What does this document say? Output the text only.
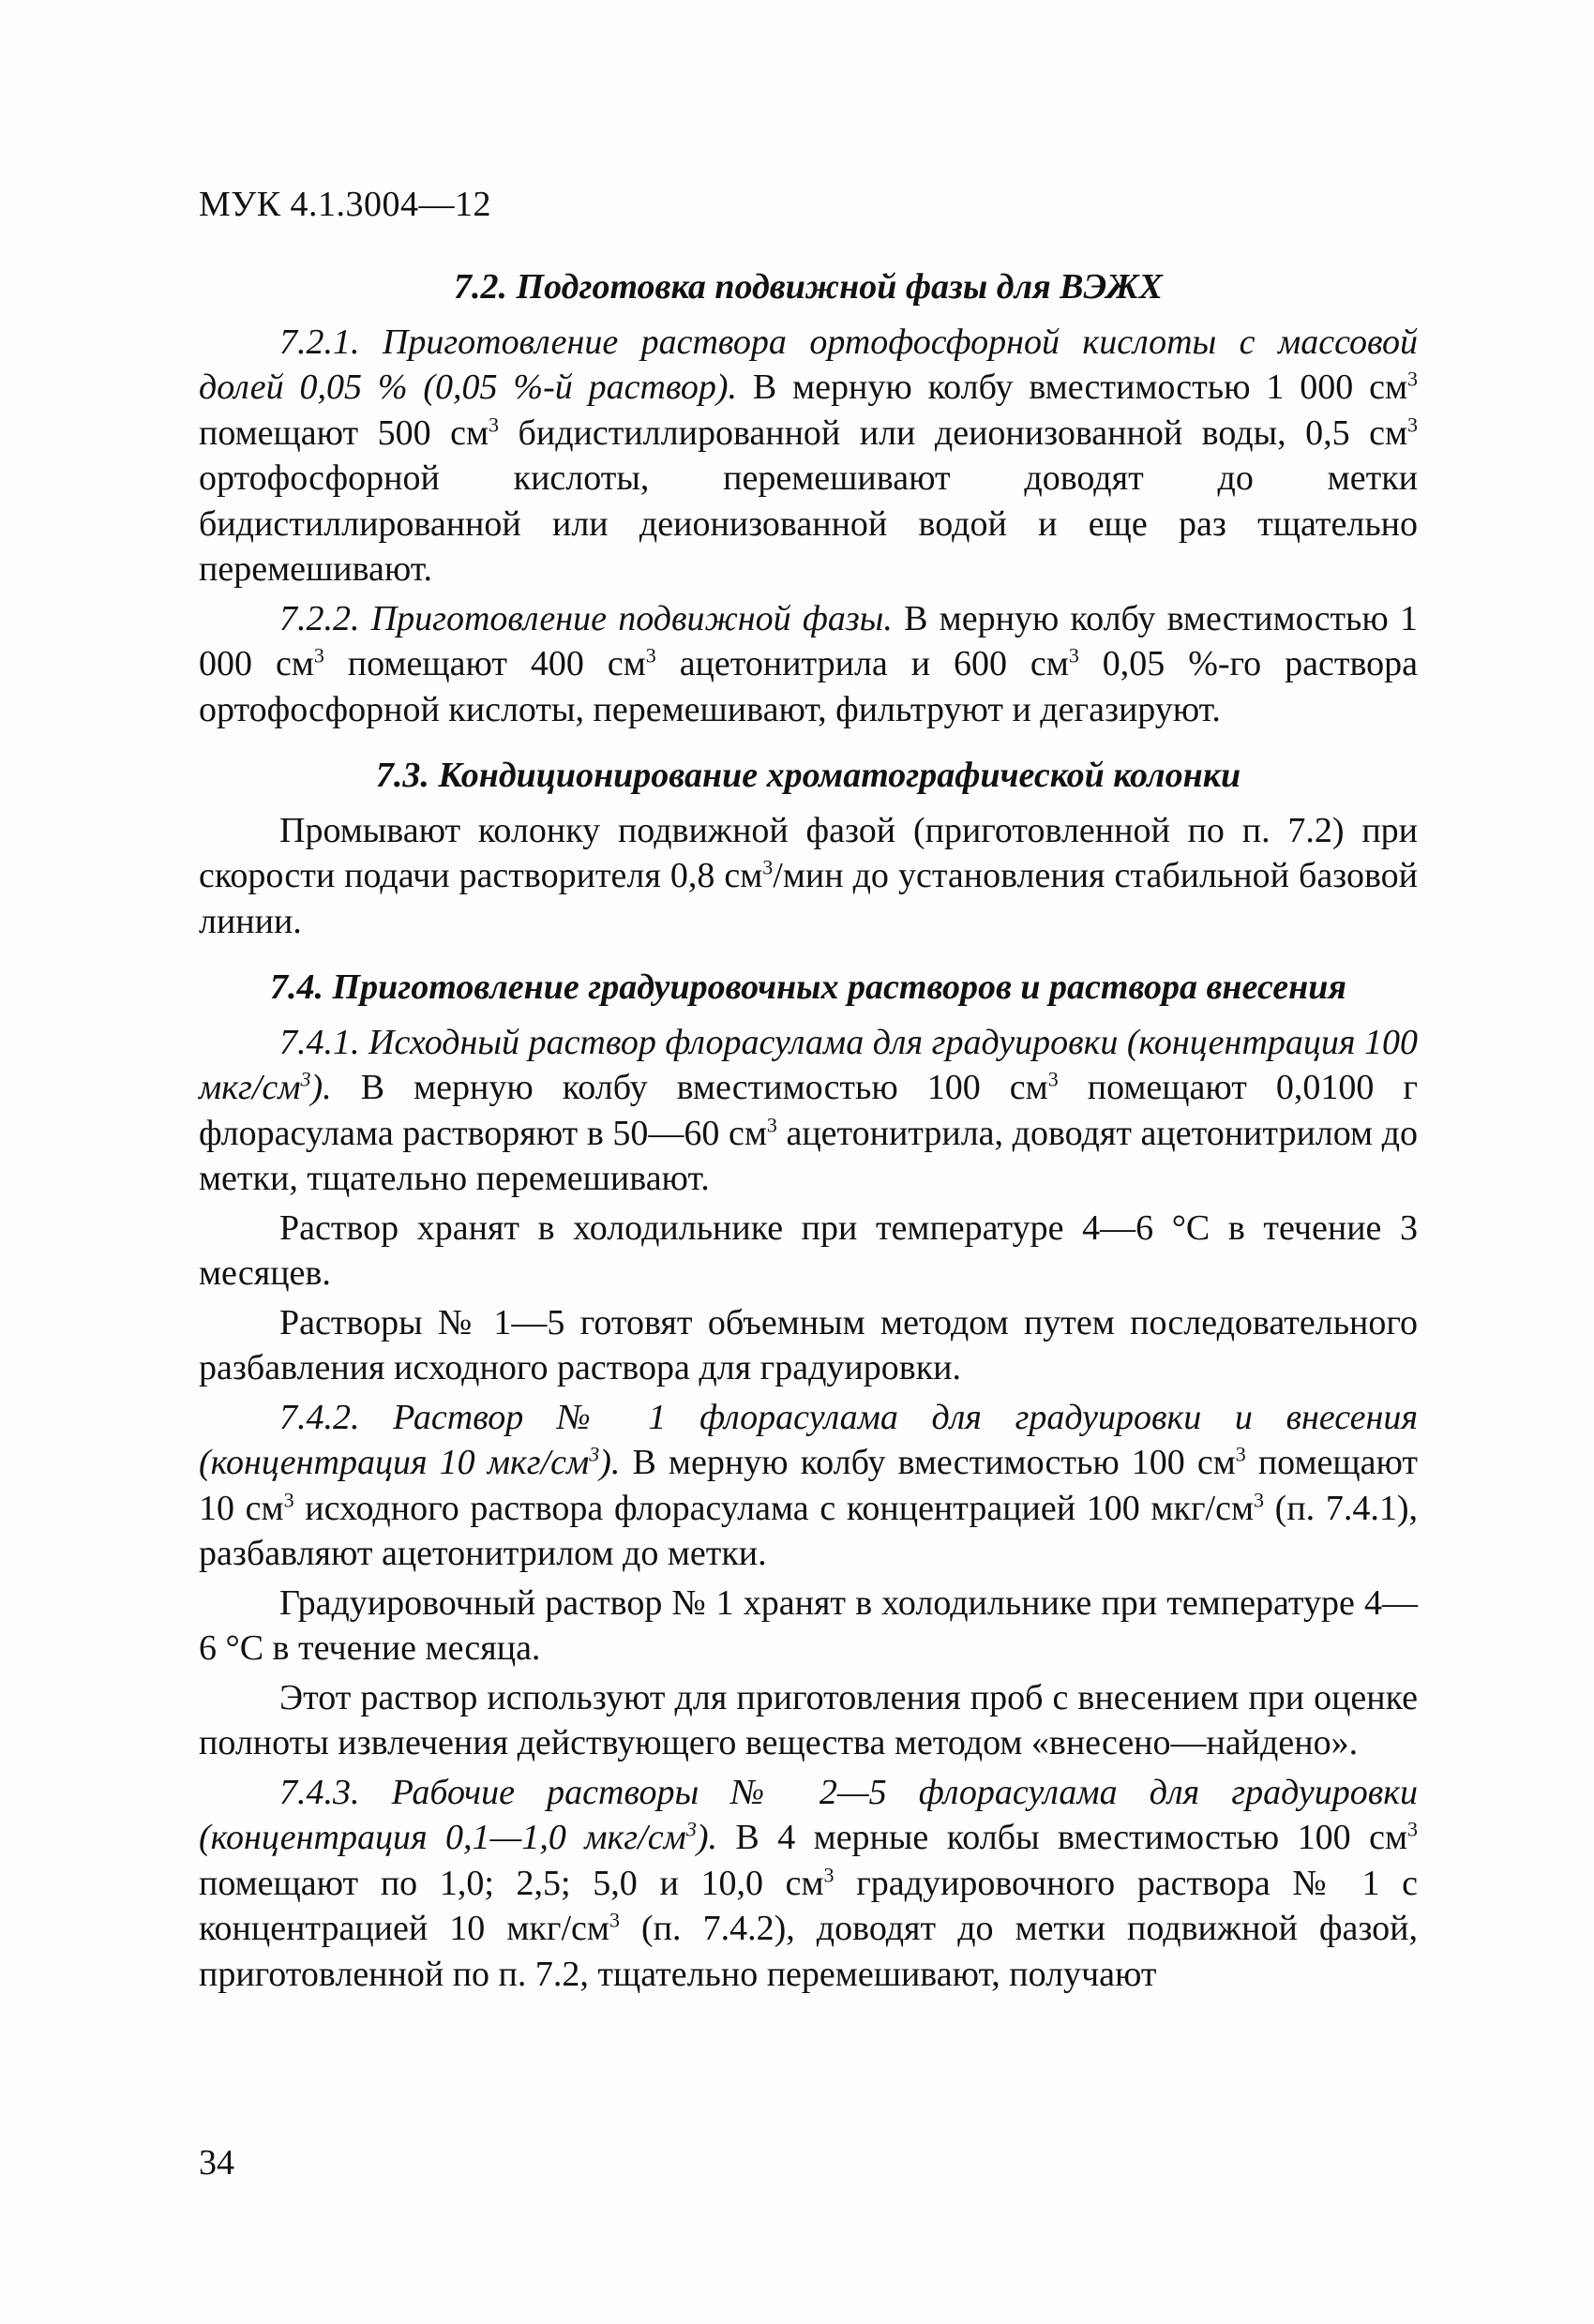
МУК 4.1.3004—12
7.2. Подготовка подвижной фазы для ВЭЖХ

7.2.1. Приготовление раствора ортофосфорной кислоты с массовой долей 0,05 % (0,05 %-й раствор). В мерную колбу вместимостью 1 000 $см^3$ помещают 500 $см^3$ бидистиллированной или деионизованной воды, 0,5 $см^3$ ортофосфорной кислоты, перемешивают доводят до метки бидистиллированной или деионизованной водой и еще раз тщательно перемешивают.

7.2.2. Приготовление подвижной фазы. В мерную колбу вместимостью 1 000 $см^3$ помещают 400 $см^3$ ацетонитрила и 600 $см^3$ 0,05 %-го раствора ортофосфорной кислоты, перемешивают, фильтруют и дегазируют.

7.3. Кондиционирование хроматографической колонки

Промывают колонку подвижной фазой (приготовленной по п. 7.2) при скорости подачи растворителя 0,8 $см^3$/мин до установления стабильной базовой линии.

7.4. Приготовление градуировочных растворов и раствора внесения

7.4.1. Исходный раствор флорасулама для градуировки (концентрация 100 мкг/$см^3$). В мерную колбу вместимостью 100 $см^3$ помещают 0,0100 г флорасулама растворяют в 50—60 $см^3$ ацетонитрила, доводят ацетонитрилом до метки, тщательно перемешивают.

Раствор хранят в холодильнике при температуре 4—6 °С в течение 3 месяцев.

Растворы № 1—5 готовят объемным методом путем последовательного разбавления исходного раствора для градуировки.

7.4.2. Раствор № 1 флорасулама для градуировки и внесения (концентрация 10 мкг/$см^3$). В мерную колбу вместимостью 100 $см^3$ помещают 10 $см^3$ исходного раствора флорасулама с концентрацией 100 мкг/$см^3$ (п. 7.4.1), разбавляют ацетонитрилом до метки.

Градуировочный раствор № 1 хранят в холодильнике при температуре 4—6 °С в течение месяца.

Этот раствор используют для приготовления проб с внесением при оценке полноты извлечения действующего вещества методом «внесено—найдено».

7.4.3. Рабочие растворы № 2—5 флорасулама для градуировки (концентрация 0,1—1,0 мкг/$см^3$). В 4 мерные колбы вместимостью 100 $см^3$ помещают по 1,0; 2,5; 5,0 и 10,0 $см^3$ градуировочного раствора № 1 с концентрацией 10 мкг/$см^3$ (п. 7.4.2), доводят до метки подвижной фазой, приготовленной по п. 7.2, тщательно перемешивают, получают

34
